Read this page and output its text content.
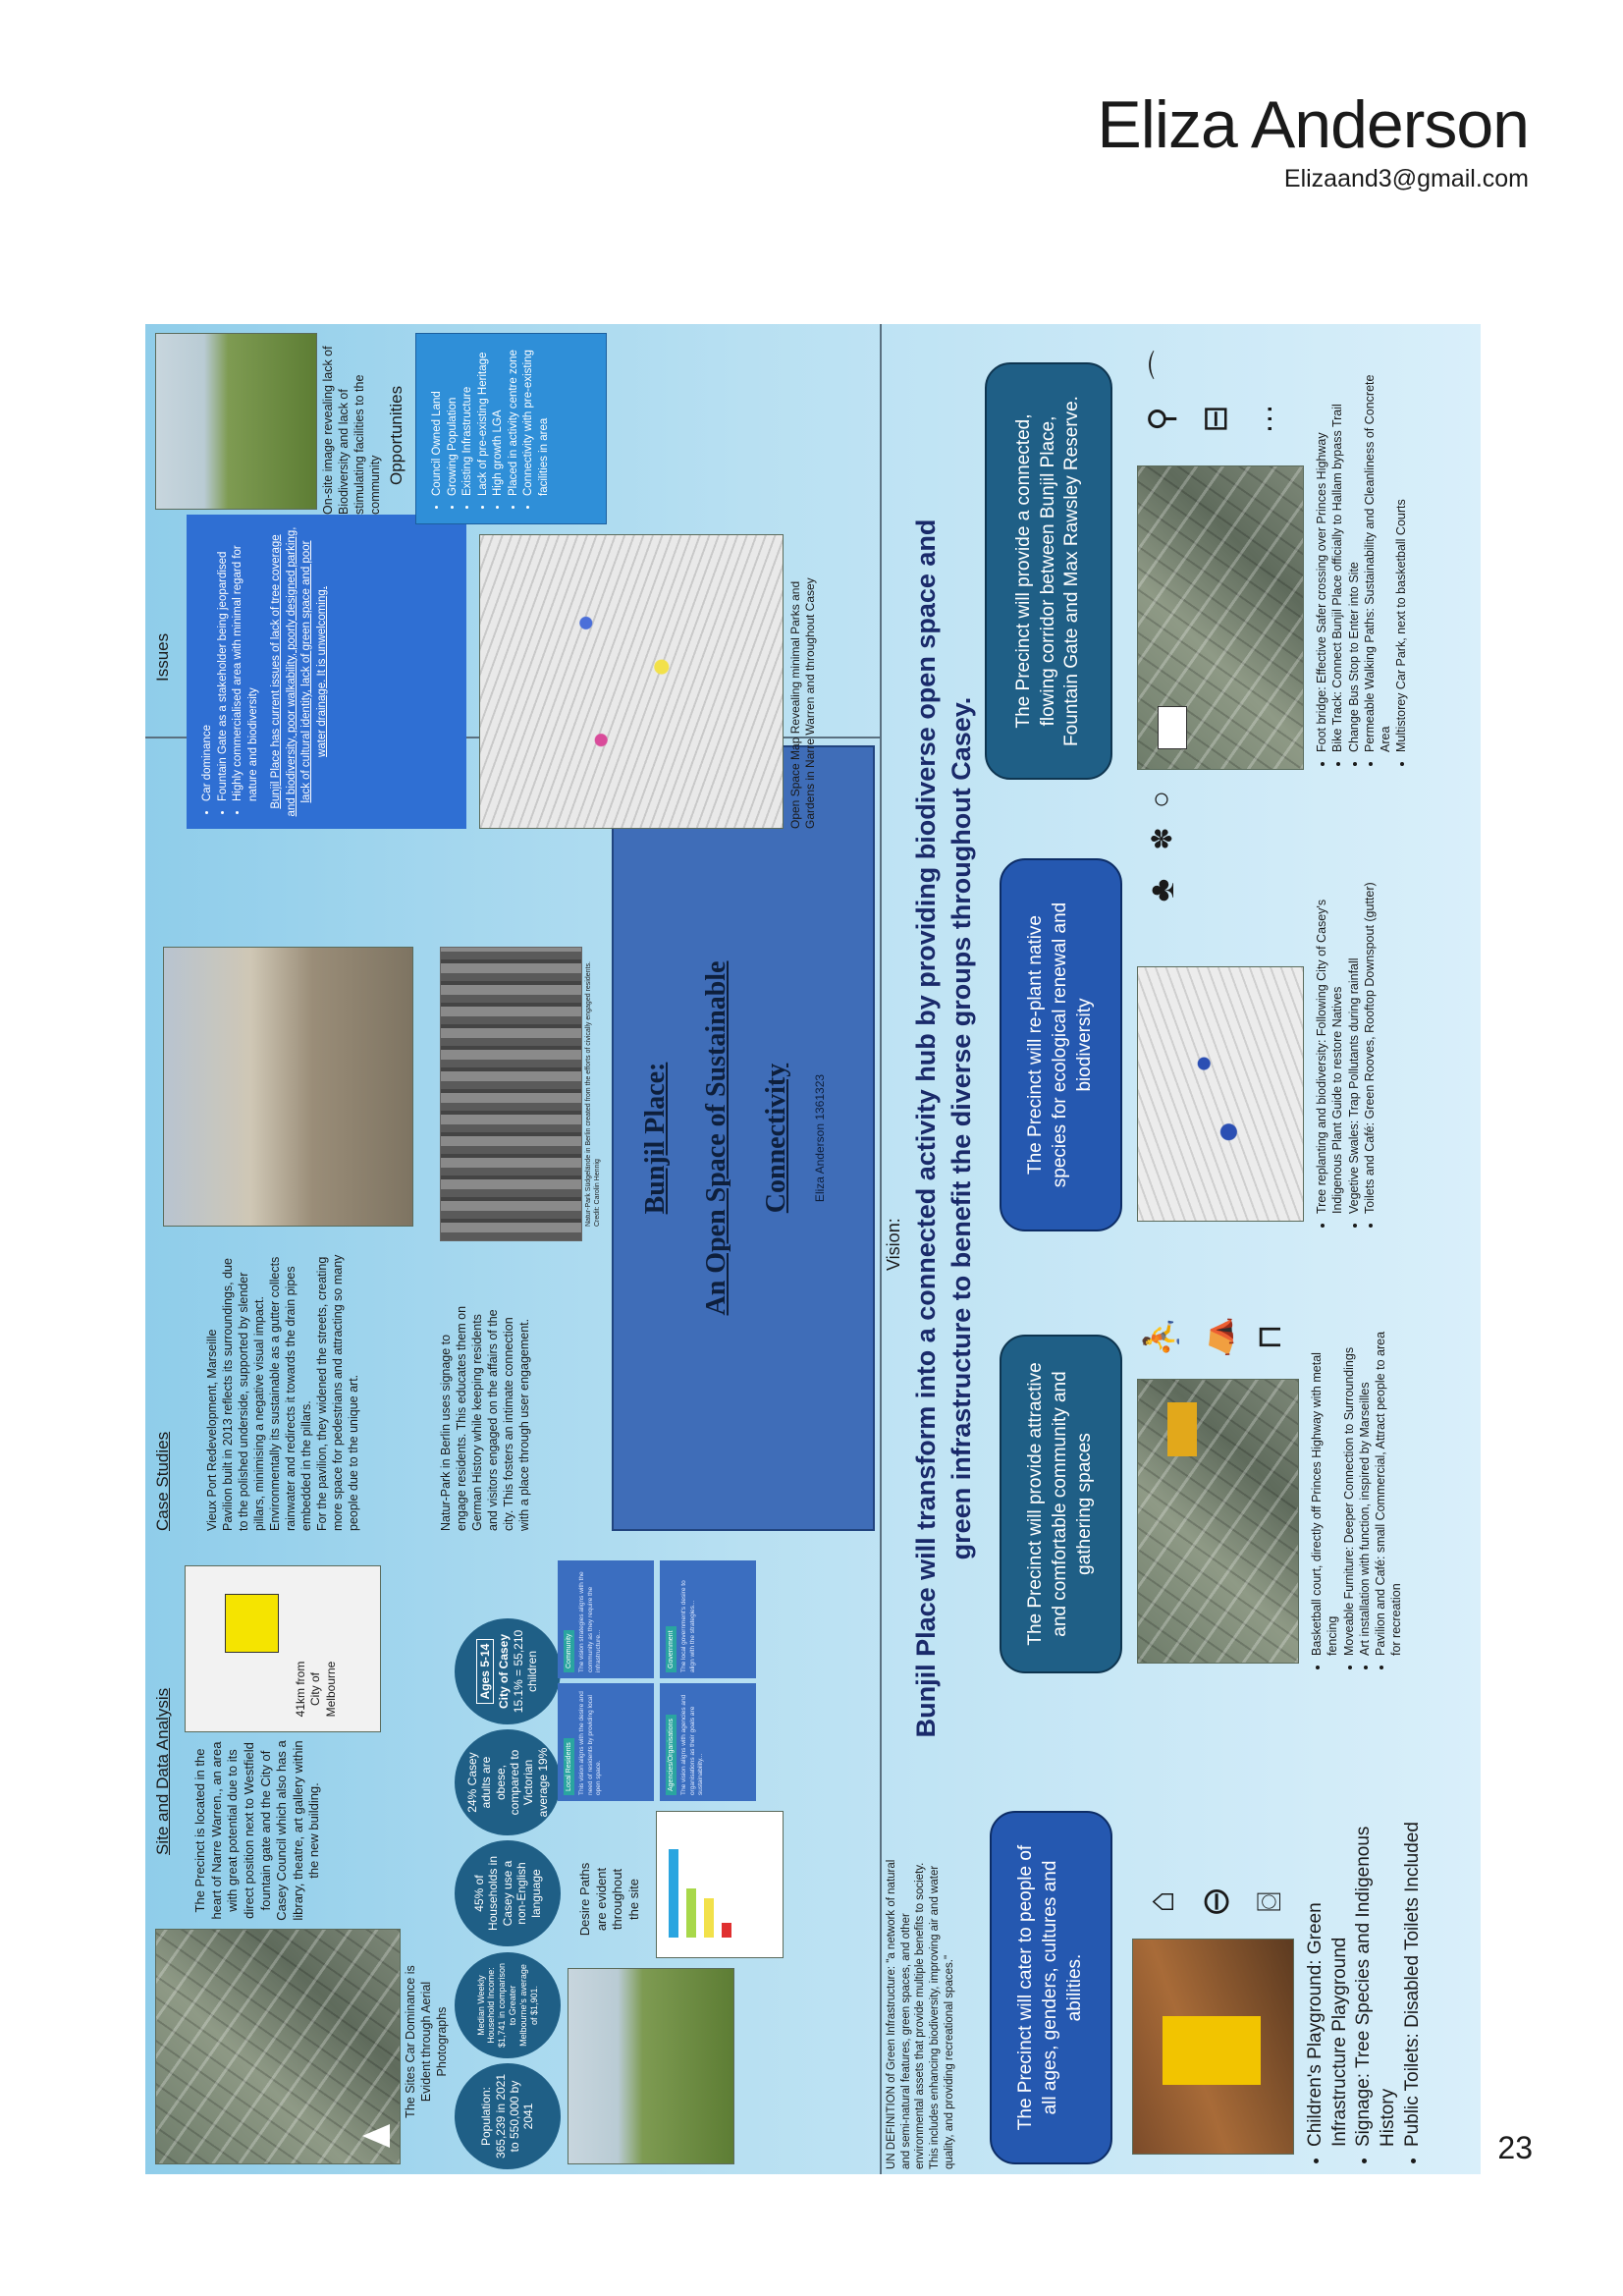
Eliza Anderson
Elizaand3@gmail.com
The Sites Car Dominance is Evident through Aerial Photographs
Site and Data Analysis The Precinct is located in the heart of Narre Warren., an area with great potential due to its direct position next to Westfield fountain gate and the City of Casey Council which also has a library, theatre, art gallery within the new building.
41km from City of Melbourne
Population: 365,239 in 2021 to 550,000 by 2041
Median Weekly Household Income: $1,741 in comparison to Greater Melbourne's average of $1,901.
45% of Households in Casey use a non-English language
24% Casey adults are obese, compared to Victorian average 19%
Ages 5-14 City of Casey 15.1% = 55,210 children
Desire Paths are evident throughout the site
Local Residents This vision aligns with the desire and need of residents by providing local open space.
Community The vision strategies aligns with the community as they require the infrastructure...
Agencies/Organisations The vision aligns with agencies and organisations as their goals are sustainability...
Government The local government's desire to align with the strategies...
Case Studies	Vieux Port Redevelopment, Marseille
Pavilion built in 2013 reflects its surroundings, due to the polished underside, supported by slender pillars, minimising a negative visual impact. Environmentally its sustainable as a gutter collects rainwater and redirects it towards the drain pipes embedded in the pillars.
For the pavilion, they widened the streets, creating more space for pedestrians and attracting so many people due to the unique art.	Natur-Park in Berlin uses signage to engage residents. This educates them on German History while keeping residents and visitors engaged on the affairs of the city. This fosters an intimate connection with a place through user engagement.
Natur-Park Südgelände in Berlin created from the efforts of civically engaged residents. Credit: Carolin Hennig	Bunjil Place:	An Open Space of Sustainable	Connectivity	Eliza Anderson 1361323
Issues
• Car dominance • Fountain Gate as a stakeholder being jeopardised • Highly commercialised area with minimal regard for nature and biodiversity Bunjil Place has current issues of lack of tree coverage and biodiversity, poor walkability, poorly designed parking, lack of cultural identity, lack of green space and poor water drainage. It is unwelcoming.	Open Space Map Revealing minimal Parks and Gardens in Narre Warren and throughout Casey
On-site image revealing lack of Biodiversity and lack of stimulating facilities to the community Opportunities • Council Owned Land • Growing Population • Existing Infrastructure • Lack of pre-existing Heritage • High growth LGA • Placed in activity centre zone • Connectivity with pre-existing facilities in area
UN DEFINITION of Green Infrastructure: "a network of natural and semi-natural features, green spaces, and other environmental assets that provide multiple benefits to society. This includes enhancing biodiversity, improving air and water quality, and providing recreational spaces."
Vision: Bunjil Place will transform into a connected activity hub by providing biodiverse open space and green infrastructure to benefit the diverse groups throughout Casey.
The Precinct will cater to people of all ages, genders, cultures and abilities.
⌂ ⊖ ⌼
• Children's Playground: Green Infrastructure Playground • Signage: Tree Species and Indigenous History • Public Toilets: Disabled Toilets Included
The Precinct will provide attractive and comfortable community and gathering spaces
⛹ ⛺ ⊓
• Basketball court, directly off Princes Highway with metal fencing • Moveable Furniture: Deeper Connection to Surroundings • Art installation with function, inspired by Marseilles • Pavilion and Café: small Commercial, Attract people to area for recreation
The Precinct will re-plant native species for ecological renewal and biodiversity
♣
✽
○
• Tree replanting and biodiversity: Following City of Casey's Indigenous Plant Guide to restore Natives • Vegetive Swales: Trap Pollutants during rainfall • Toilets and Café: Green Rooves, Rooftop Downspout (gutter)
The Precinct will provide a connected, flowing corridor between Bunjil Place, Fountain Gate and Max Rawsley Reserve.	⚲ ⊟ ⋯
⌒
• Foot bridge: Effective Safer crossing over Princes Highway • Bike Track: Connect Bunjil Place officially to Hallam bypass Trail • Change Bus Stop to Enter into Site • Permeable Walking Paths: Sustainability and Cleanliness of Concrete Area • Multistorey Car Park, next to basketball Courts
23
